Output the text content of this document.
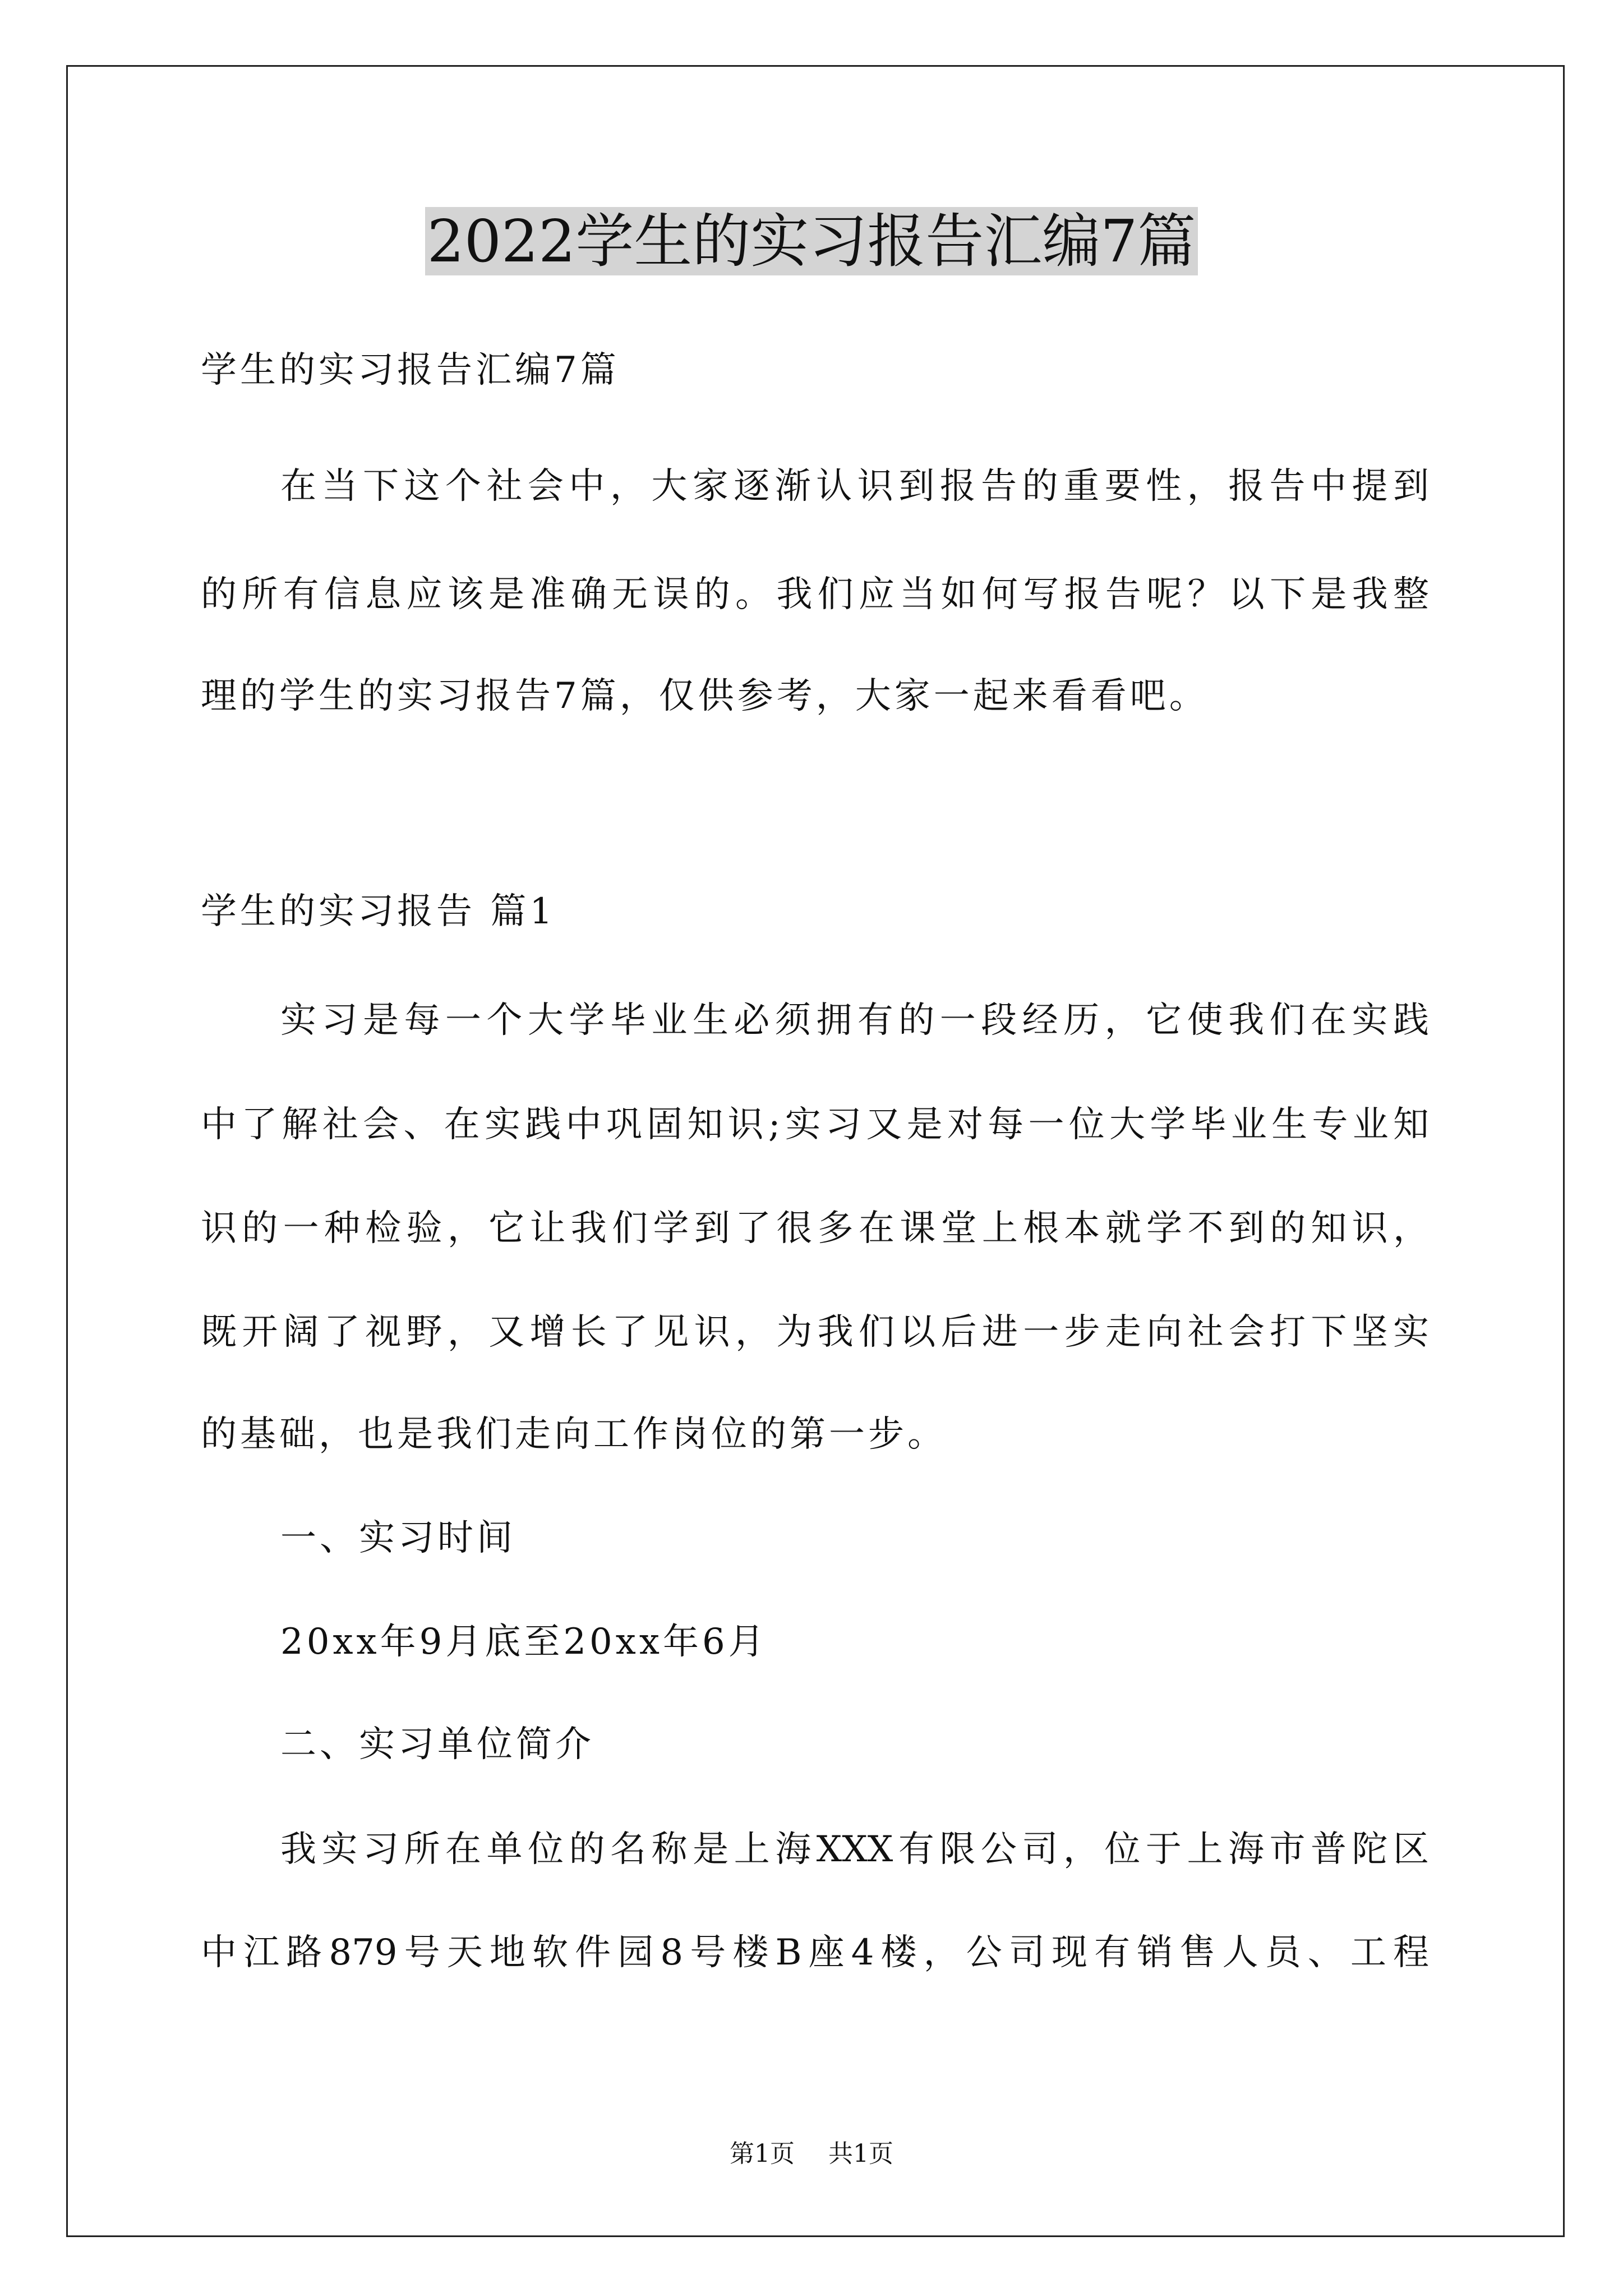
2022学生的实习报告汇编7篇
学生的实习报告汇编7篇
在当下这个社会中，大家逐渐认识到报告的重要性，报告中提到
的所有信息应该是准确无误的。我们应当如何写报告呢？以下是我整
理的学生的实习报告7篇，仅供参考，大家一起来看看吧。
学生的实习报告 篇1
实习是每一个大学毕业生必须拥有的一段经历，它使我们在实践
中了解社会、在实践中巩固知识;实习又是对每一位大学毕业生专业知
识的一种检验，它让我们学到了很多在课堂上根本就学不到的知识，
既开阔了视野，又增长了见识，为我们以后进一步走向社会打下坚实
的基础，也是我们走向工作岗位的第一步。
一、实习时间
20xx年9月底至20xx年6月
二、实习单位简介
我实习所在单位的名称是上海XXX有限公司，位于上海市普陀区
中江路879号天地软件园8号楼B座4楼，公司现有销售人员、工程
第1页 共1页
